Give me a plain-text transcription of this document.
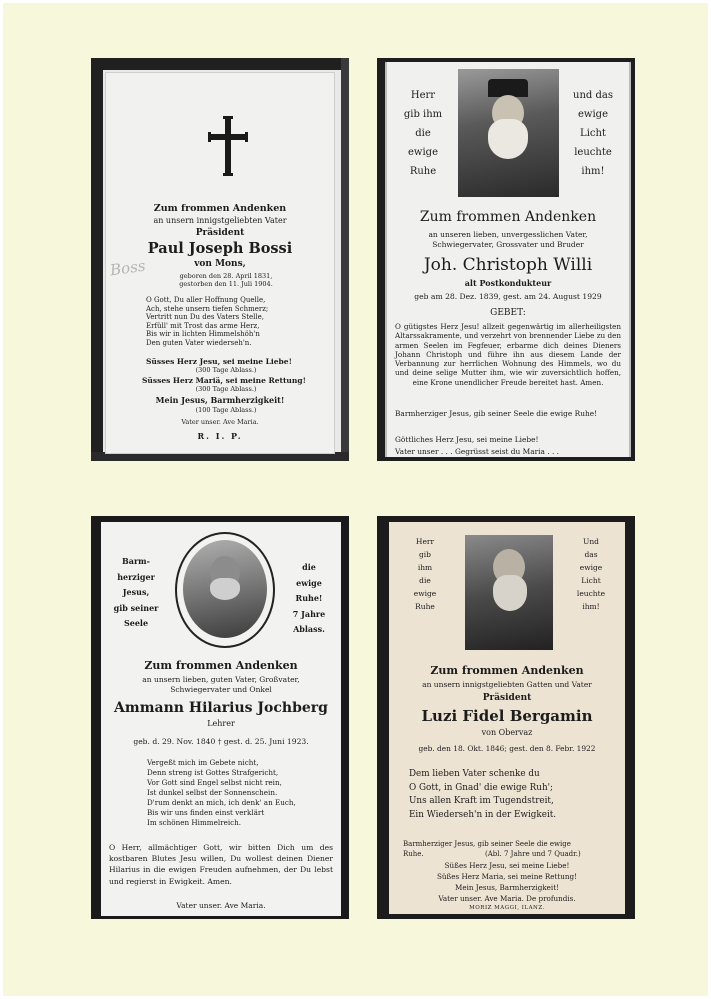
Zum frommen Andenken
an unsern innigstgeliebten Vater
Präsident
Paul Joseph Bossi
von Mons,
Boss	geboren den 28. April 1831,
gestorben den 11. Juli 1904.
O Gott, Du aller Hoffnung Quelle,
Ach, stehe unsern tiefen Schmerz;
Vertritt nun Du des Vaters Stelle,
Erfüll' mit Trost das arme Herz,
Bis wir in lichten Himmelshöh'n
Den guten Vater wiederseh'n.
Süsses Herz Jesu, sei meine Liebe!
(300 Tage Ablass.)
Süsses Herz Mariä, sei meine Rettung!
(300 Tage Ablass.)
Mein Jesus, Barmherzigkeit!
(100 Tage Ablass.)
Vater unser. Ave Maria.
R. I. P.
Herr
gib ihm
die
ewige
Ruhe
und das
ewige
Licht
leuchte
ihm!
Zum frommen Andenken
an unseren lieben, unvergesslichen Vater,
Schwiegervater, Grossvater und Bruder
Joh. Christoph Willi
alt Postkondukteur
geb am 28. Dez. 1839, gest. am 24. August 1929
GEBET:
O gütigstes Herz Jesu! allzeit gegenwärtig im allerheiligsten Altarssakramente, und verzehrt von brennender Liebe zu den armen Seelen im Fegfeuer, erbarme dich deines Dieners Johann Christoph und führe ihn aus diesem Lande der Verbannung zur herrlichen Wohnung des Himmels, wo du und deine selige Mutter ihm, wie wir zuversichtlich hoffen, eine Krone unendlicher Freude bereitet hast. Amen.
Barmherziger Jesus, gib seiner Seele die ewige Ruhe!
Göttliches Herz Jesu, sei meine Liebe!
Vater unser . . . Gegrüsst seist du Maria . . .
Barm-
herziger
Jesus,
gib seiner
Seele
die
ewige
Ruhe!
7 Jahre
Ablass.
Zum frommen Andenken
an unsern lieben, guten Vater, Großvater,
Schwiegervater und Onkel
Ammann Hilarius Jochberg
Lehrer
geb. d. 29. Nov. 1840 † gest. d. 25. Juni 1923.
Vergeßt mich im Gebete nicht,
Denn streng ist Gottes Strafgericht,
Vor Gott sind Engel selbst nicht rein,
Ist dunkel selbst der Sonnenschein.
D'rum denkt an mich, ich denk' an Euch,
Bis wir uns finden einst verklärt
Im schönen Himmelreich.
O Herr, allmächtiger Gott, wir bitten Dich um des kostbaren Blutes Jesu willen, Du wollest deinen Diener Hilarius in die ewigen Freuden aufnehmen, der Du lebst und regierst in Ewigkeit. Amen.
Vater unser. Ave Maria.
Herr
gib
ihm
die
ewige
Ruhe
Und
das
ewige
Licht
leuchte
ihm!
Zum frommen Andenken
an unsern innigstgeliebten Gatten und Vater
Präsident
Luzi Fidel Bergamin
von Obervaz
geb. den 18. Okt. 1846; gest. den 8. Febr. 1922
Dem lieben Vater schenke du
O Gott, in Gnad' die ewige Ruh';
Uns allen Kraft im Tugendstreit,
Ein Wiederseh'n in der Ewigkeit.
Barmherziger Jesus, gib seiner Seele die ewige
Ruhe.	(Abl. 7 Jahre und 7 Quadr.)
Süßes Herz Jesu, sei meine Liebe!
Süßes Herz Maria, sei meine Rettung!
Mein Jesus, Barmherzigkeit!
Vater unser. Ave Maria. De profundis.
MORIZ MAGGI, ILANZ.
